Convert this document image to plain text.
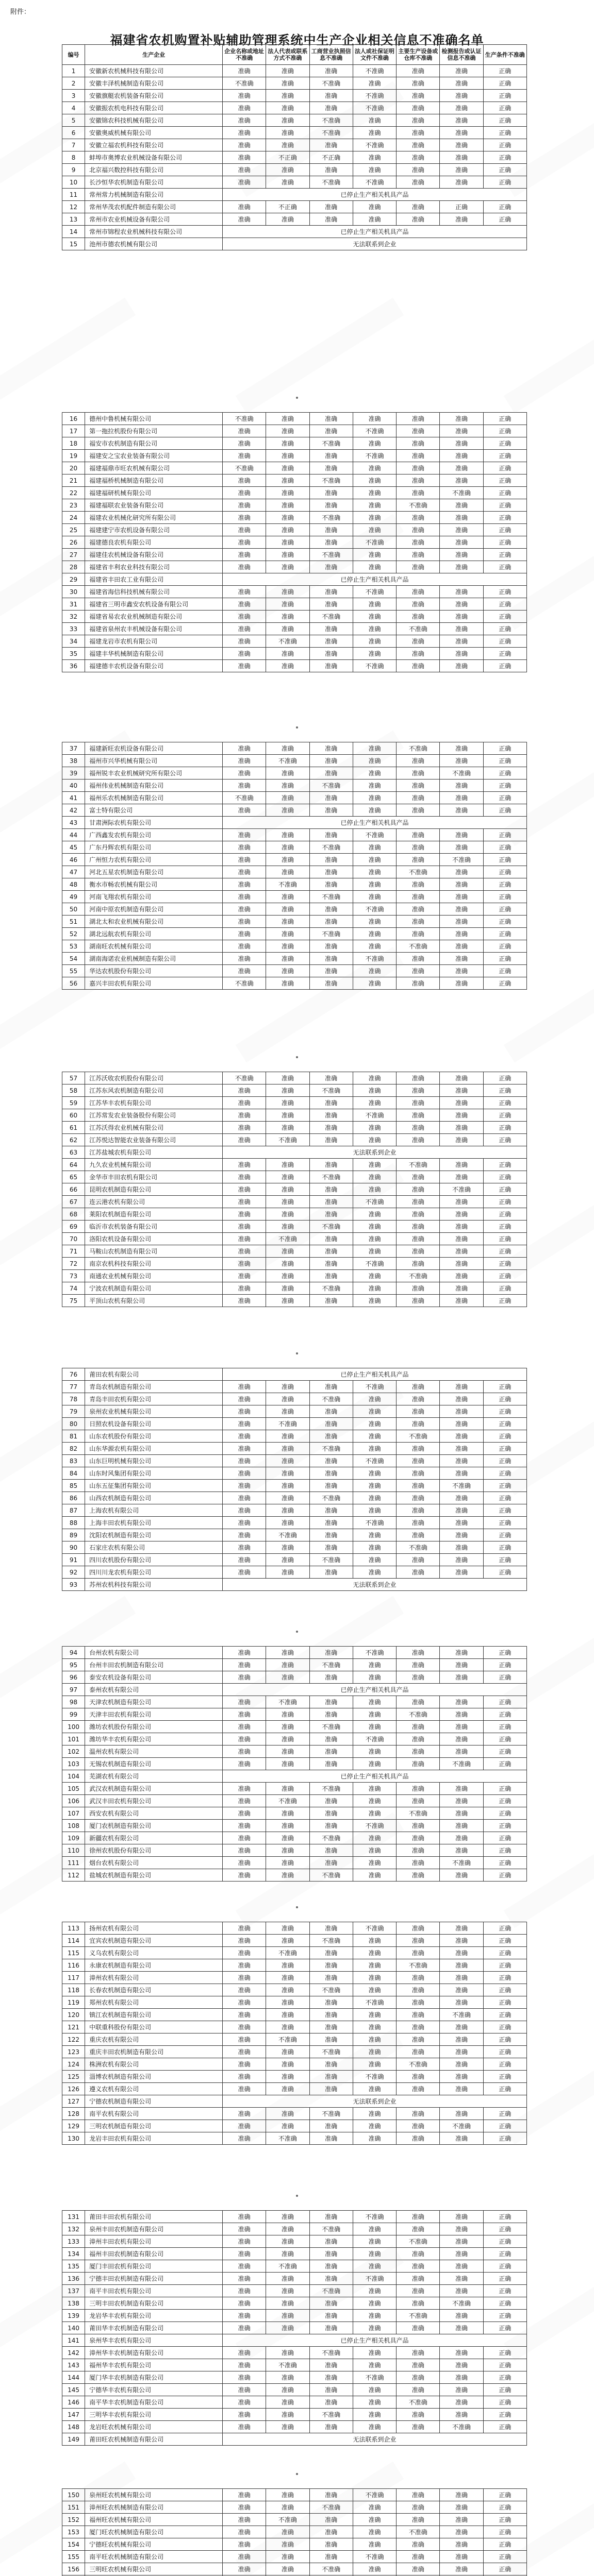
附件：
福建省农机购置补贴辅助管理系统中生产企业相关信息不准确名单
编号	生产企业	企业名称或地址不准确	法人代表或联系方式不准确	工商营业执照信息不准确	法人或社保证明文件不准确	主要生产设备或仓库不准确	检测报告或认证信息不准确	生产条件不准确
1	安徽新农机械科技有限公司	准确	准确	准确	不准确	准确	准确	正确
2	安徽丰泽机械制造有限公司	不准确	准确	不准确	准确	准确	准确	正确
3	安徽旗艇农机装备有限公司	准确	准确	准确	不准确	准确	准确	正确
4	安徽振农机电科技有限公司	准确	准确	准确	不准确	准确	准确	正确
5	安徽锦农科技机械有限公司	准确	准确	不准确	准确	准确	准确	正确
6	安徽奥威机械有限公司	准确	准确	不准确	准确	准确	准确	正确
7	安徽立福农机科技有限公司	准确	准确	准确	不准确	准确	准确	正确
8	蚌埠市奥博农业机械设备有限公司	准确	不正确	不正确	准确	准确	准确	正确
9	北京福兴数控科技有限公司	准确	准确	准确	准确	准确	准确	正确
10	长沙恒华农机制造有限公司	准确	准确	不准确	不准确	准确	准确	正确
11	常州常力机械制造有限公司	已停止生产相关机具产品						
12	常州华茂农机配件制造有限公司	准确	不正确	准确	准确	准确	正确	正确
13	常州市农业机械设备有限公司	准确	准确	准确	准确	准确	准确	正确
14	常州市锦程农业机械科技有限公司	已停止生产相关机具产品						
15	池州市德农机械有限公司	无法联系到企业						
16	德州中鲁机械有限公司	不准确	准确	准确	准确	准确	准确	正确
17	第一拖拉机股份有限公司	准确	准确	准确	不准确	准确	准确	正确
18	福安市农机制造有限公司	准确	准确	不准确	准确	准确	准确	正确
19	福建安之宝农业装备有限公司	准确	准确	准确	不准确	准确	准确	正确
20	福建福鼎市旺农机械有限公司	不准确	准确	准确	准确	准确	准确	正确
21	福建福桥机械制造有限公司	准确	准确	不准确	准确	准确	准确	正确
22	福建福研机械有限公司	准确	准确	准确	准确	准确	不准确	正确
23	福建福联农业装备有限公司	准确	准确	准确	准确	不准确	准确	正确
24	福建农业机械化研究所有限公司	准确	准确	不准确	准确	准确	准确	正确
25	福建建宁市农机设备有限公司	准确	准确	准确	准确	准确	准确	正确
26	福建德良农机有限公司	准确	准确	准确	不准确	准确	准确	正确
27	福建佳农机械设备有限公司	准确	准确	不准确	准确	准确	准确	正确
28	福建省丰利农业科技有限公司	准确	准确	准确	准确	准确	准确	正确
29	福建省丰田农工业有限公司	已停止生产相关机具产品						
30	福建省海信科技机械有限公司	准确	准确	准确	不准确	准确	准确	正确
31	福建省三明市鑫安农机设备有限公司	准确	准确	准确	准确	准确	准确	正确
32	福建省易农农业机械制造有限公司	准确	准确	不准确	准确	准确	准确	正确
33	福建省泉州农丰机械设备有限公司	准确	准确	准确	准确	不准确	准确	正确
34	福建龙岩市农机有限公司	准确	不准确	准确	准确	准确	准确	正确
35	福建丰华机械制造有限公司	准确	准确	准确	准确	准确	准确	正确
36	福建德丰农机设备有限公司	准确	准确	准确	不准确	准确	准确	正确
37	福建新旺农机设备有限公司	准确	准确	准确	准确	不准确	准确	正确
38	福州市兴华机械有限公司	准确	不准确	准确	准确	准确	准确	正确
39	福州锐丰农业机械研究所有限公司	准确	准确	准确	准确	准确	不准确	正确
40	福州伟业机械制造有限公司	准确	准确	不准确	准确	准确	准确	正确
41	福州乐农机械制造有限公司	不准确	准确	准确	准确	准确	准确	正确
42	富士特有限公司	准确	准确	准确	准确	准确	准确	正确
43	甘肃洲际农机有限公司	已停止生产相关机具产品						
44	广西鑫发农机有限公司	准确	准确	准确	不准确	准确	准确	正确
45	广东丹辉农机有限公司	准确	准确	不准确	准确	准确	准确	正确
46	广州恒力农机有限公司	准确	准确	准确	准确	准确	不准确	正确
47	河北五星农机制造有限公司	准确	准确	准确	准确	不准确	准确	正确
48	衡水市畅农机械有限公司	准确	不准确	准确	准确	准确	准确	正确
49	河南飞翔农机有限公司	准确	准确	不准确	准确	准确	准确	正确
50	河南中原农机制造有限公司	准确	准确	准确	不准确	准确	准确	正确
51	湖北太和农业机械有限公司	准确	准确	准确	准确	准确	准确	正确
52	湖北远航农机有限公司	准确	准确	不准确	准确	准确	准确	正确
53	湖南旺农机械有限公司	准确	准确	准确	准确	不准确	准确	正确
54	湖南海诺农业机械制造有限公司	准确	准确	准确	不准确	准确	准确	正确
55	华达农机股份有限公司	准确	准确	准确	准确	准确	准确	正确
56	嘉兴丰田农机有限公司	不准确	准确	准确	准确	准确	准确	正确
57	江苏沃收农机股份有限公司	不准确	准确	准确	准确	准确	准确	正确
58	江苏东风农机制造有限公司	准确	准确	不准确	准确	准确	准确	正确
59	江苏华丰农机有限公司	准确	准确	准确	准确	准确	准确	正确
60	江苏常发农业装备股份有限公司	准确	准确	准确	不准确	准确	准确	正确
61	江苏沃得农业机械有限公司	准确	准确	准确	准确	准确	准确	正确
62	江苏悦达智能农业装备有限公司	准确	不准确	准确	准确	准确	准确	正确
63	江苏盐城农机有限公司	无法联系到企业						
64	九久农业机械有限公司	准确	准确	准确	准确	不准确	准确	正确
65	金华市丰田农机有限公司	准确	准确	不准确	准确	准确	准确	正确
66	昆明农机制造有限公司	准确	准确	准确	准确	准确	不准确	正确
67	连云港农机有限公司	准确	准确	准确	不准确	准确	准确	正确
68	莱阳农机制造有限公司	准确	准确	准确	准确	准确	准确	正确
69	临沂市农机装备有限公司	准确	准确	不准确	准确	准确	准确	正确
70	洛阳农机设备有限公司	准确	不准确	准确	准确	准确	准确	正确
71	马鞍山农机制造有限公司	准确	准确	准确	准确	准确	准确	正确
72	南京农机科技有限公司	准确	准确	准确	不准确	准确	准确	正确
73	南通农业机械有限公司	准确	准确	准确	准确	不准确	准确	正确
74	宁波农机制造有限公司	准确	准确	不准确	准确	准确	准确	正确
75	平顶山农机有限公司	准确	准确	准确	准确	准确	准确	正确
76	莆田农机有限公司	已停止生产相关机具产品						
77	青岛农机制造有限公司	准确	准确	准确	不准确	准确	准确	正确
78	青岛丰田农机有限公司	准确	准确	不准确	准确	准确	准确	正确
79	泉州农业机械有限公司	准确	准确	准确	准确	准确	准确	正确
80	日照农机设备有限公司	准确	不准确	准确	准确	准确	准确	正确
81	山东农机股份有限公司	准确	准确	准确	准确	不准确	准确	正确
82	山东华源农机有限公司	准确	准确	不准确	准确	准确	准确	正确
83	山东巨明机械有限公司	准确	准确	准确	不准确	准确	准确	正确
84	山东时风集团有限公司	准确	准确	准确	准确	准确	准确	正确
85	山东五征集团有限公司	准确	准确	准确	准确	准确	不准确	正确
86	山西农机制造有限公司	准确	准确	不准确	准确	准确	准确	正确
87	上海农机有限公司	准确	准确	准确	准确	准确	准确	正确
88	上海丰田农机有限公司	准确	准确	准确	不准确	准确	准确	正确
89	沈阳农机制造有限公司	准确	不准确	准确	准确	准确	准确	正确
90	石家庄农机有限公司	准确	准确	准确	准确	不准确	准确	正确
91	四川农机股份有限公司	准确	准确	不准确	准确	准确	准确	正确
92	四川川龙农机有限公司	准确	准确	准确	准确	准确	准确	正确
93	苏州农机科技有限公司	无法联系到企业						
94	台州农机有限公司	准确	准确	准确	不准确	准确	准确	正确
95	台州丰田农机制造有限公司	准确	准确	不准确	准确	准确	准确	正确
96	泰安农机设备有限公司	准确	准确	准确	准确	准确	准确	正确
97	泰州农机有限公司	已停止生产相关机具产品						
98	天津农机制造有限公司	准确	不准确	准确	准确	准确	准确	正确
99	天津丰田农机有限公司	准确	准确	准确	准确	不准确	准确	正确
100	潍坊农机股份有限公司	准确	准确	不准确	准确	准确	准确	正确
101	潍坊华丰农机有限公司	准确	准确	准确	不准确	准确	准确	正确
102	温州农机有限公司	准确	准确	准确	准确	准确	准确	正确
103	无锡农机制造有限公司	准确	准确	准确	准确	准确	不准确	正确
104	芜湖农机有限公司	已停止生产相关机具产品						
105	武汉农机制造有限公司	准确	准确	不准确	准确	准确	准确	正确
106	武汉丰田农机有限公司	准确	不准确	准确	准确	准确	准确	正确
107	西安农机有限公司	准确	准确	准确	准确	不准确	准确	正确
108	厦门农机制造有限公司	准确	准确	准确	不准确	准确	准确	正确
109	新疆农机有限公司	准确	准确	不准确	准确	准确	准确	正确
110	徐州农机股份有限公司	准确	准确	准确	准确	准确	准确	正确
111	烟台农机有限公司	准确	准确	准确	准确	准确	不准确	正确
112	盐城农机制造有限公司	准确	准确	不准确	准确	准确	准确	正确
113	扬州农机有限公司	准确	准确	准确	不准确	准确	准确	正确
114	宜宾农机制造有限公司	准确	准确	不准确	准确	准确	准确	正确
115	义乌农机有限公司	准确	不准确	准确	准确	准确	准确	正确
116	永康农机制造有限公司	准确	准确	准确	准确	不准确	准确	正确
117	漳州农机有限公司	准确	准确	准确	准确	准确	准确	正确
118	长春农机制造有限公司	准确	准确	不准确	准确	准确	准确	正确
119	郑州农机有限公司	准确	准确	准确	不准确	准确	准确	正确
120	镇江农机制造有限公司	准确	准确	准确	准确	准确	不准确	正确
121	中联重科股份有限公司	准确	准确	准确	准确	准确	准确	正确
122	重庆农机有限公司	准确	不准确	准确	准确	准确	准确	正确
123	重庆丰田农机制造有限公司	准确	准确	不准确	准确	准确	准确	正确
124	株洲农机有限公司	准确	准确	准确	准确	不准确	准确	正确
125	淄博农机制造有限公司	准确	准确	准确	不准确	准确	准确	正确
126	遵义农机有限公司	准确	准确	准确	准确	准确	准确	正确
127	宁德农机制造有限公司	无法联系到企业						
128	南平农机有限公司	准确	准确	不准确	准确	准确	准确	正确
129	三明农机制造有限公司	准确	准确	准确	准确	准确	不准确	正确
130	龙岩丰田农机有限公司	准确	不准确	准确	准确	准确	准确	正确
131	莆田丰田农机有限公司	准确	准确	准确	不准确	准确	准确	正确
132	泉州丰田农机制造有限公司	准确	准确	不准确	准确	准确	准确	正确
133	漳州丰田农机有限公司	准确	准确	准确	准确	不准确	准确	正确
134	福州丰田农机制造有限公司	准确	准确	准确	准确	准确	准确	正确
135	厦门丰田农机有限公司	准确	不准确	准确	准确	准确	准确	正确
136	宁德丰田农机制造有限公司	准确	准确	准确	不准确	准确	准确	正确
137	南平丰田农机有限公司	准确	准确	不准确	准确	准确	准确	正确
138	三明丰田农机制造有限公司	准确	准确	准确	准确	准确	不准确	正确
139	龙岩华丰农机有限公司	准确	准确	准确	准确	不准确	准确	正确
140	莆田华丰农机制造有限公司	准确	准确	准确	准确	准确	准确	正确
141	泉州华丰农机有限公司	已停止生产相关机具产品						
142	漳州华丰农机制造有限公司	准确	准确	不准确	准确	准确	准确	正确
143	福州华丰农机有限公司	准确	不准确	准确	准确	准确	准确	正确
144	厦门华丰农机制造有限公司	准确	准确	准确	不准确	准确	准确	正确
145	宁德华丰农机有限公司	准确	准确	准确	准确	准确	准确	正确
146	南平华丰农机制造有限公司	准确	准确	准确	准确	不准确	准确	正确
147	三明华丰农机有限公司	准确	准确	不准确	准确	准确	准确	正确
148	龙岩旺农机械有限公司	准确	准确	准确	准确	准确	不准确	正确
149	莆田旺农机械制造有限公司	无法联系到企业						
150	泉州旺农机械有限公司	准确	准确	准确	不准确	准确	准确	正确
151	漳州旺农机械制造有限公司	准确	准确	不准确	准确	准确	准确	正确
152	福州旺农机械有限公司	准确	不准确	准确	准确	准确	准确	正确
153	厦门旺农机械制造有限公司	准确	准确	准确	准确	不准确	准确	正确
154	宁德旺农机械有限公司	准确	准确	准确	准确	准确	准确	正确
155	南平旺农机械制造有限公司	准确	准确	准确	不准确	准确	准确	正确
156	三明旺农机械有限公司	准确	准确	不准确	准确	准确	准确	正确
